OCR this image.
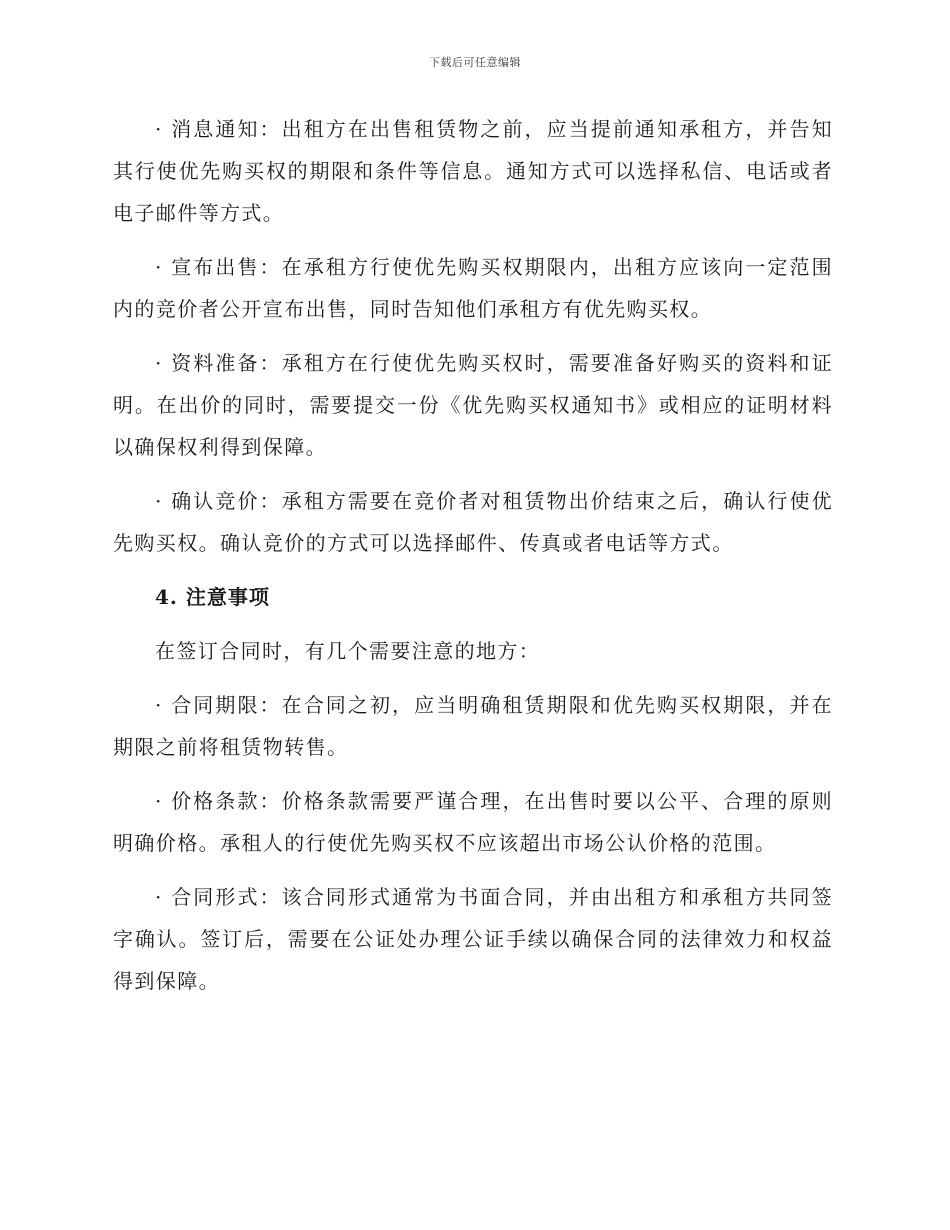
下载后可任意编辑

· 消息通知：出租方在出售租赁物之前，应当提前通知承租方，并告知其行使优先购买权的期限和条件等信息。通知方式可以选择私信、电话或者电子邮件等方式。

· 宣布出售：在承租方行使优先购买权期限内，出租方应该向一定范围内的竞价者公开宣布出售，同时告知他们承租方有优先购买权。

· 资料准备：承租方在行使优先购买权时，需要准备好购买的资料和证明。在出价的同时，需要提交一份《优先购买权通知书》或相应的证明材料以确保权利得到保障。

· 确认竞价：承租方需要在竞价者对租赁物出价结束之后，确认行使优先购买权。确认竞价的方式可以选择邮件、传真或者电话等方式。

4. 注意事项

在签订合同时，有几个需要注意的地方：

· 合同期限：在合同之初，应当明确租赁期限和优先购买权期限，并在期限之前将租赁物转售。

· 价格条款：价格条款需要严谨合理，在出售时要以公平、合理的原则明确价格。承租人的行使优先购买权不应该超出市场公认价格的范围。

· 合同形式：该合同形式通常为书面合同，并由出租方和承租方共同签字确认。签订后，需要在公证处办理公证手续以确保合同的法律效力和权益得到保障。
